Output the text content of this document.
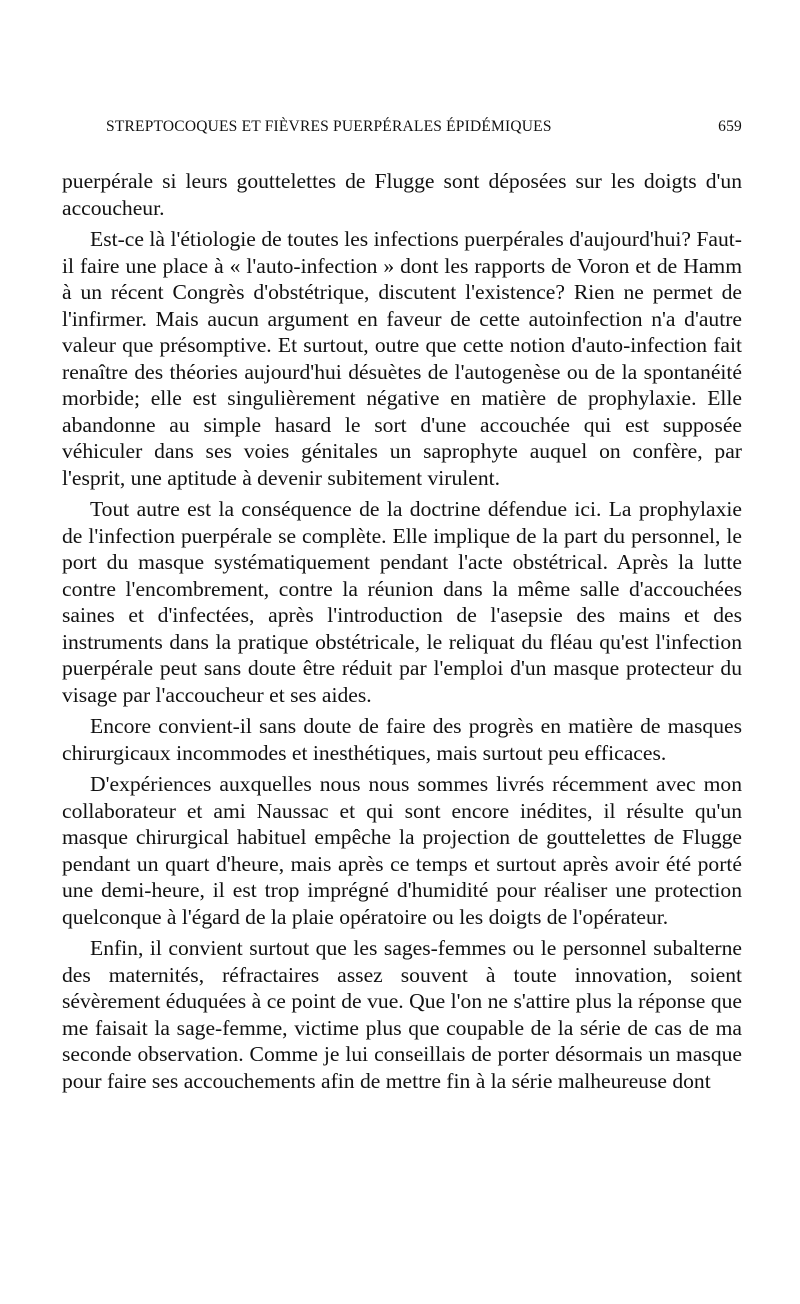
STREPTOCOQUES ET FIÈVRES PUERPÉRALES ÉPIDÉMIQUES	659

puerpérale si leurs gouttelettes de Flugge sont déposées sur les doigts d'un accoucheur.

Est-ce là l'étiologie de toutes les infections puerpérales d'aujourd'hui? Faut-il faire une place à « l'auto-infection » dont les rapports de Voron et de Hamm à un récent Congrès d'obstétrique, discutent l'existence? Rien ne permet de l'infirmer. Mais aucun argument en faveur de cette autoinfection n'a d'autre valeur que présomptive. Et surtout, outre que cette notion d'auto-infection fait renaître des théories aujourd'hui désuètes de l'autogenèse ou de la spontanéité morbide; elle est singulièrement négative en matière de prophylaxie. Elle abandonne au simple hasard le sort d'une accouchée qui est supposée véhiculer dans ses voies génitales un saprophyte auquel on confère, par l'esprit, une aptitude à devenir subitement virulent.

Tout autre est la conséquence de la doctrine défendue ici. La prophylaxie de l'infection puerpérale se complète. Elle implique de la part du personnel, le port du masque systématiquement pendant l'acte obstétrical. Après la lutte contre l'encombrement, contre la réunion dans la même salle d'accouchées saines et d'infectées, après l'introduction de l'asepsie des mains et des instruments dans la pratique obstétricale, le reliquat du fléau qu'est l'infection puerpérale peut sans doute être réduit par l'emploi d'un masque protecteur du visage par l'accoucheur et ses aides.

Encore convient-il sans doute de faire des progrès en matière de masques chirurgicaux incommodes et inesthétiques, mais surtout peu efficaces.

D'expériences auxquelles nous nous sommes livrés récemment avec mon collaborateur et ami Naussac et qui sont encore inédites, il résulte qu'un masque chirurgical habituel empêche la projection de gouttelettes de Flugge pendant un quart d'heure, mais après ce temps et surtout après avoir été porté une demi-heure, il est trop imprégné d'humidité pour réaliser une protection quelconque à l'égard de la plaie opératoire ou les doigts de l'opérateur.

Enfin, il convient surtout que les sages-femmes ou le personnel subalterne des maternités, réfractaires assez souvent à toute innovation, soient sévèrement éduquées à ce point de vue. Que l'on ne s'attire plus la réponse que me faisait la sage-femme, victime plus que coupable de la série de cas de ma seconde observation. Comme je lui conseillais de porter désormais un masque pour faire ses accouchements afin de mettre fin à la série malheureuse dont
